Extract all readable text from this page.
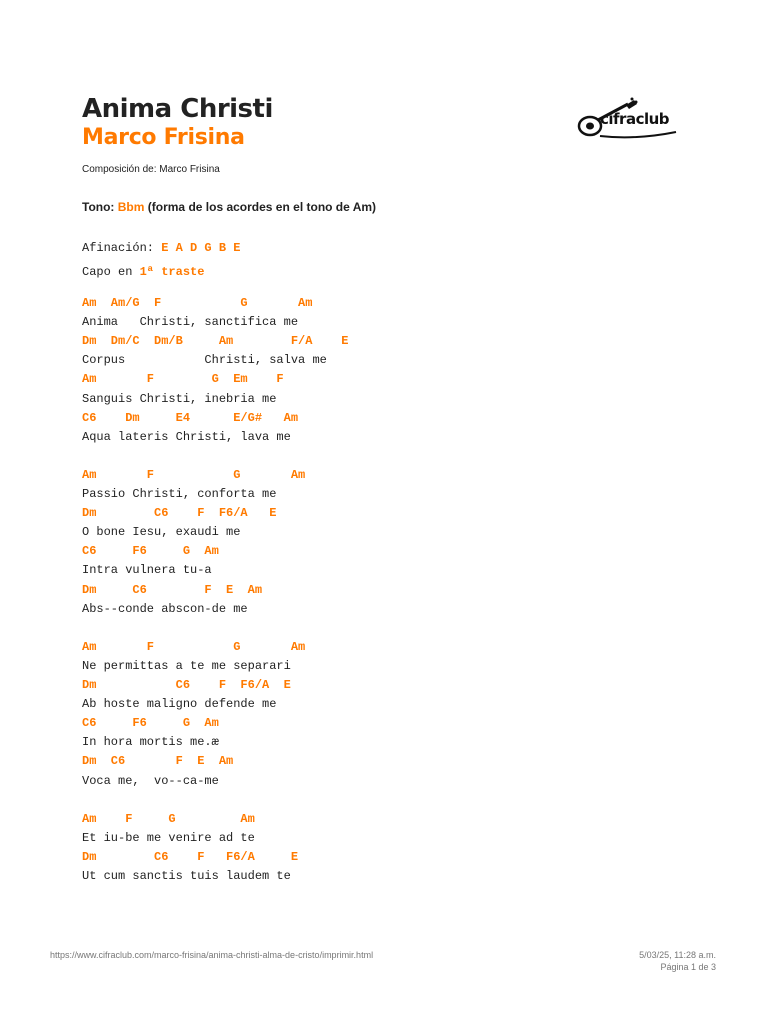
Anima Christi
Marco Frisina
cifraclub
Composición de: Marco Frisina
Tono: Bbm (forma de los acordes en el tono de Am)
Afinación: E A D G B E
Capo en 1ª traste
Am  Am/G  F           G       Am
Anima   Christi, sanctifica me
Dm  Dm/C  Dm/B     Am        F/A    E
Corpus           Christi, salva me
Am       F        G  Em    F
Sanguis Christi, inebria me
C6    Dm     E4      E/G#   Am
Aqua lateris Christi, lava me
Am       F           G       Am
Passio Christi, conforta me
Dm        C6    F  F6/A   E
O bone Iesu, exaudi me
C6     F6     G  Am
Intra vulnera tu-a
Dm     C6        F  E  Am
Abs--conde abscon-de me
Am       F           G       Am
Ne permittas a te me separari
Dm           C6    F  F6/A  E
Ab hoste maligno defende me
C6     F6     G  Am
In hora mortis me.æ
Dm  C6       F  E  Am
Voca me,  vo--ca-me
Am    F     G         Am
Et iu-be me venire ad te
Dm        C6    F   F6/A     E
Ut cum sanctis tuis laudem te
https://www.cifraclub.com/marco-frisina/anima-christi-alma-de-cristo/imprimir.html	5/03/25, 11:28 a.m.
Página 1 de 3
